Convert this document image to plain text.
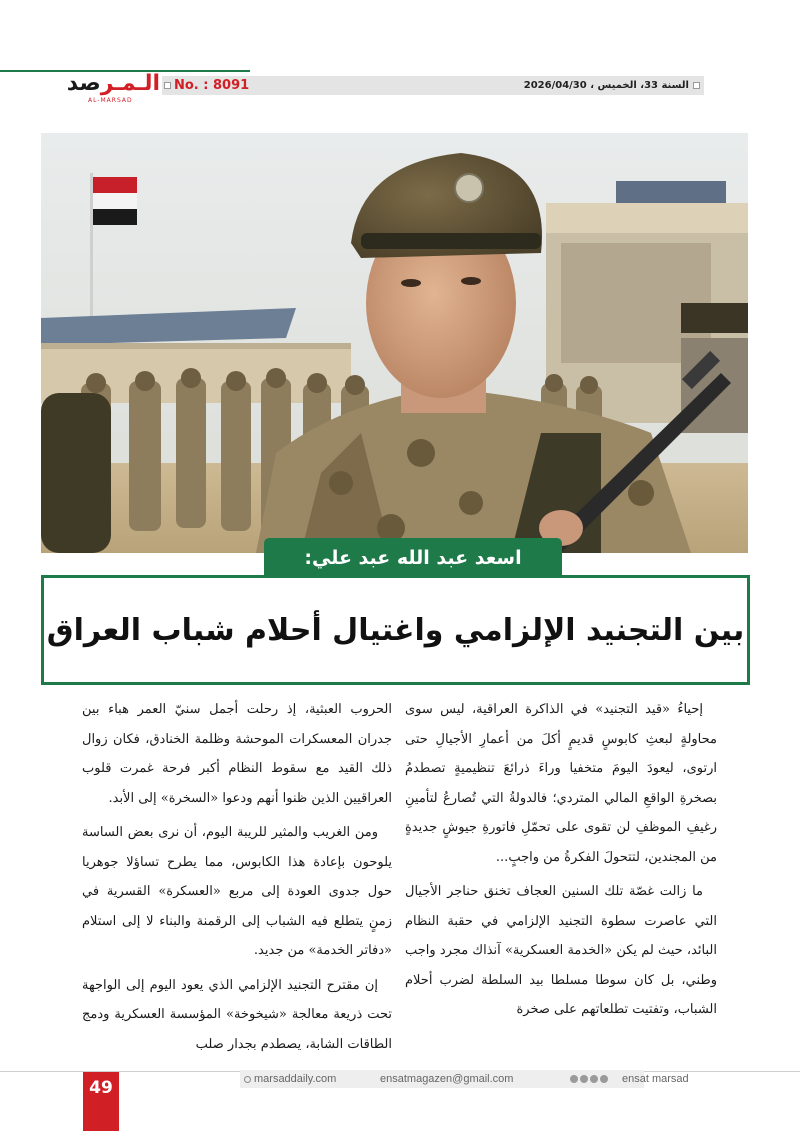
الـمـرصد
AL-MARSAD
No. : 8091	السنة 33، الخميس ، 2026/04/30
اسعد عبد الله عبد علي:
بين التجنيد الإلزامي واغتيال أحلام شباب العراق

إحياءُ «قيد التجنيد» في الذاكرة العراقية، ليس سوى محاولةٍ لبعثِ كابوسٍ قديمٍ أكلَ من أعمارِ الأجيالِ حتى ارتوى، ليعودَ اليومَ متخفيا وراءَ ذرائعَ تنظيميةٍ تصطدمُ بصخرةِ الواقعِ المالي المتردي؛ فالدولةُ التي تُصارعُ لتأمينِ رغيفِ الموظفِ لن تقوى على تحمّلِ فاتورةِ جيوشٍ جديدةٍ من المجندين، لتتحولَ الفكرةُ من واجبٍ...

ما زالت غصّة تلك السنين العجاف تخنق حناجر الأجيال التي عاصرت سطوة التجنيد الإلزامي في حقبة النظام البائد، حيث لم يكن «الخدمة العسكرية» آنذاك مجرد واجب وطني، بل كان سوطا مسلطا بيد السلطة لضرب أحلام الشباب، وتفتيت تطلعاتهم على صخرة

الحروب العبثية، إذ رحلت أجمل سنيّ العمر هباء بين جدران المعسكرات الموحشة وظلمة الخنادق، فكان زوال ذلك القيد مع سقوط النظام أكبر فرحة غمرت قلوب العراقيين الذين ظنوا أنهم ودعوا «السخرة» إلى الأبد.

ومن الغريب والمثير للريبة اليوم، أن نرى بعض الساسة يلوحون بإعادة هذا الكابوس، مما يطرح تساؤلا جوهريا حول جدوى العودة إلى مربع «العسكرة» القسرية في زمنٍ يتطلع فيه الشباب إلى الرقمنة والبناء لا إلى استلام «دفاتر الخدمة» من جديد.

إن مقترح التجنيد الإلزامي الذي يعود اليوم إلى الواجهة تحت ذريعة معالجة «شيخوخة» المؤسسة العسكرية ودمج الطاقات الشابة، يصطدم بجدار صلب

49	marsaddaily.com	ensatmagazen@gmail.com	ensat marsad
